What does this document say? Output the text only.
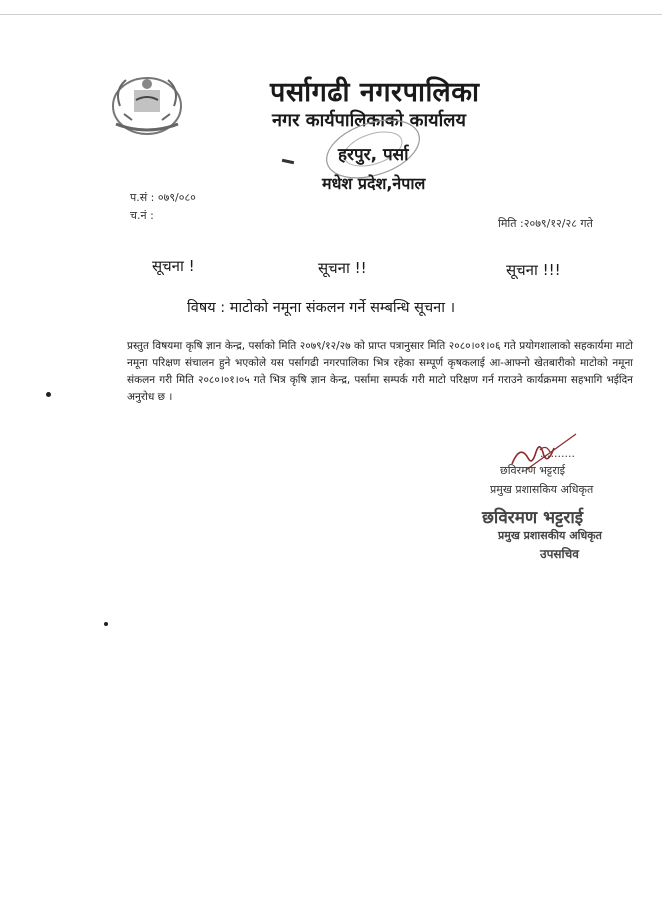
पर्सागढी नगरपालिका
नगर कार्यपालिकाको कार्यालय
हरपुर, पर्सा
मधेश प्रदेश,नेपाल
प.सं : ०७९/०८०
च.नं :
मिति :२०७९/१२/२८ गते
सूचना !	सूचना !!	सूचना !!!
विषय : माटोको नमूना संकलन गर्ने सम्बन्धि सूचना ।
प्रस्तुत विषयमा कृषि ज्ञान केन्द्र, पर्साको मिति २०७९/१२/२७ को प्राप्त पत्रानुसार मिति २०८०।०१।०६ गते प्रयोगशालाको सहकार्यमा माटो नमूना परिक्षण संचालन हुने भएकोले यस पर्सागढी नगरपालिका भित्र रहेका सम्पूर्ण कृषकलाई आ-आफ्नो खेतबारीको माटोको नमूना संकलन गरी मिति २०८०।०१।०५ गते भित्र कृषि ज्ञान केन्द्र, पर्सामा सम्पर्क गरी माटो परिक्षण गर्न गराउने कार्यक्रममा सहभागि भईदिन अनुरोध छ ।
..........
छविरमण भट्टराई
प्रमुख प्रशासकिय अधिकृत
छविरमण भट्टराई
प्रमुख प्रशासकीय अधिकृत
उपसचिव
